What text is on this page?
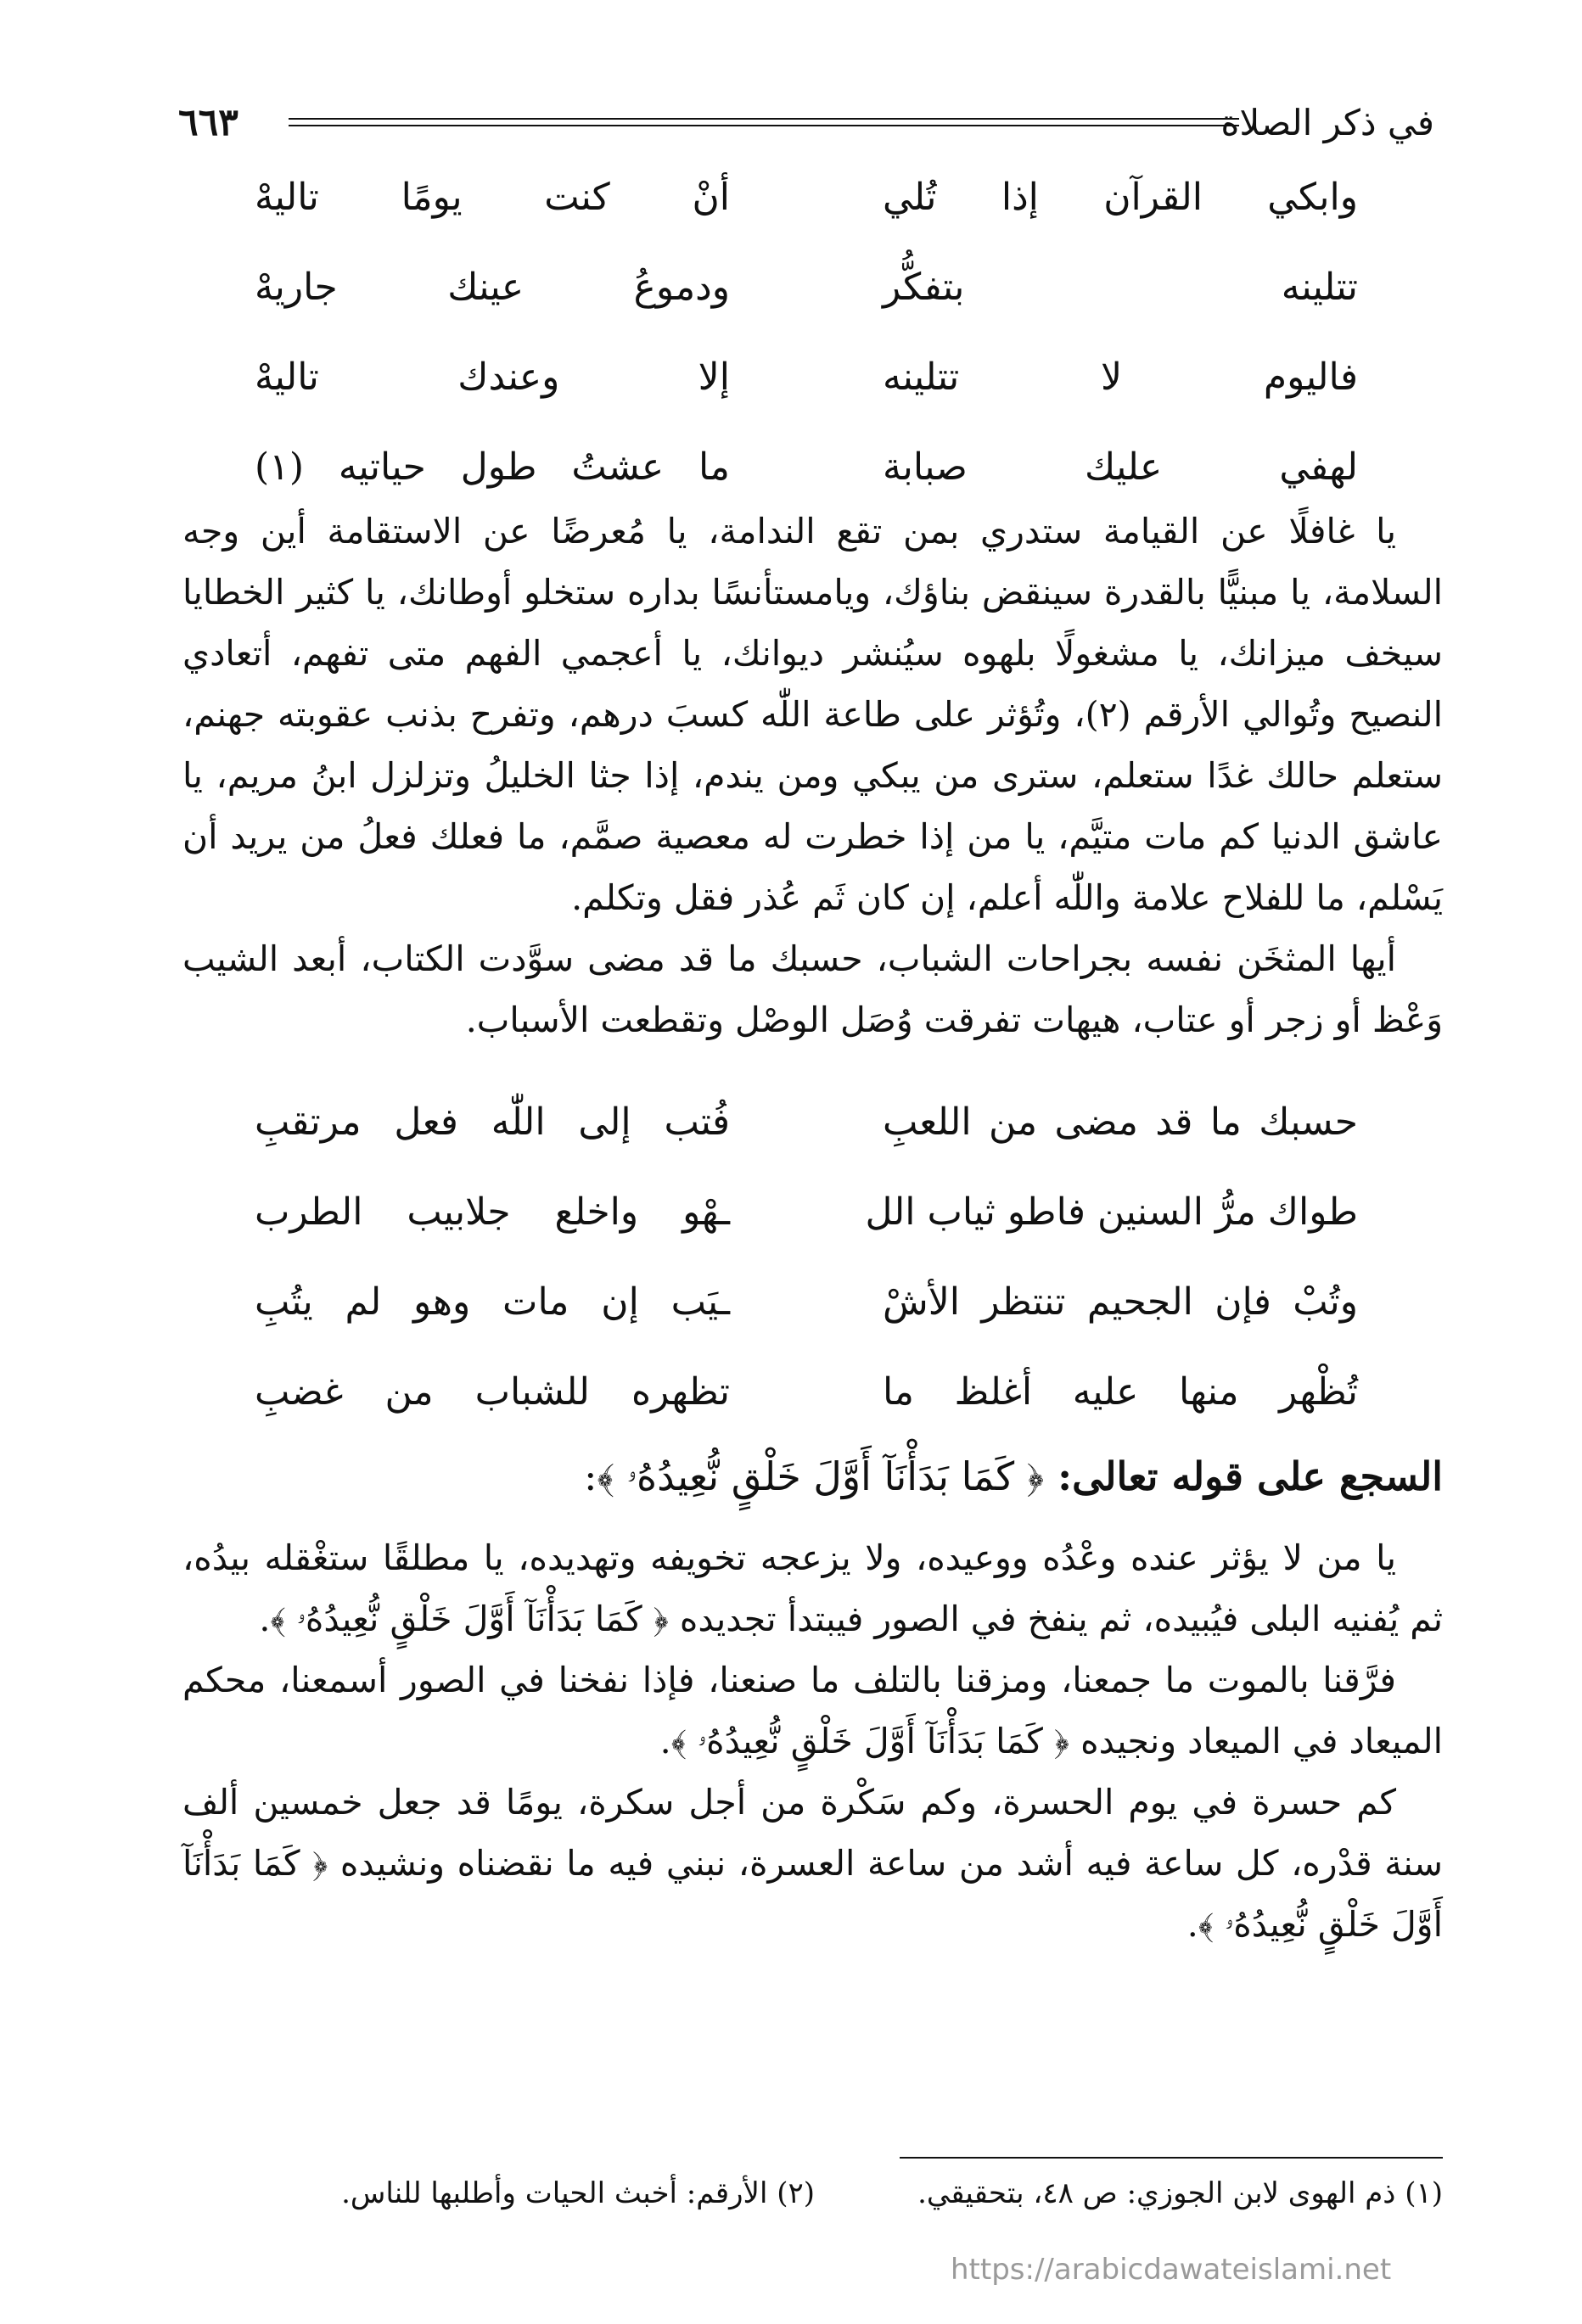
في ذكر الصلاة
٦٦٣
وابكي القرآن إذا تُلي
أنْ كنت يومًا تاليهْ
تتلينه بتفكُّر
ودموعُ عينك جاريهْ
فاليوم لا تتلينه
إلا وعندك تاليهْ
لهفي عليك صبابة
ما عشتُ طول حياتيه (١)

يا غافلًا عن القيامة ستدري بمن تقع الندامة، يا مُعرضًا عن الاستقامة أين وجه السلامة، يا مبنيًّا بالقدرة سينقض بناؤك، ويامستأنسًا بداره ستخلو أوطانك، يا كثير الخطايا سيخف ميزانك، يا مشغولًا بلهوه سيُنشر ديوانك، يا أعجمي الفهم متى تفهم، أتعادي النصيح وتُوالي الأرقم (٢)، وتُؤثر على طاعة اللّٰه كسبَ درهم، وتفرح بذنب عقوبته جهنم، ستعلم حالك غدًا ستعلم، سترى من يبكي ومن يندم، إذا جثا الخليلُ وتزلزل ابنُ مريم، يا عاشق الدنيا كم مات متيَّم، يا من إذا خطرت له معصية صمَّم، ما فعلك فعلُ من يريد أن يَسْلم، ما للفلاح علامة واللّٰه أعلم، إن كان ثَم عُذر فقل وتكلم.

أيها المثخَن نفسه بجراحات الشباب، حسبك ما قد مضى سوَّدت الكتاب، أبعد الشيب وَعْظ أو زجر أو عتاب، هيهات تفرقت وُصَل الوصْل وتقطعت الأسباب.

حسبك ما قد مضى من اللعبِ
فُتب إلى اللّٰه فعل مرتقبِ
طواك مرُّ السنين فاطو ثياب الل
ـهْو واخلع جلابيب الطرب
وتُبْ فإن الجحيم تنتظر الأشْ
ـيَب إن مات وهو لم يتُبِ
تُظْهر منها عليه أغلظ ما
تظهره للشباب من غضبِ
السجع على قوله تعالى: ﴿ كَمَا بَدَأْنَآ أَوَّلَ خَلْقٍ نُّعِيدُهُۥ ﴾:

يا من لا يؤثر عنده وعْدُه ووعيده، ولا يزعجه تخويفه وتهديده، يا مطلقًا ستغْقله بيدُه، ثم يُفنيه البلى فيُبيده، ثم ينفخ في الصور فيبتدأ تجديده ﴿ كَمَا بَدَأْنَآ أَوَّلَ خَلْقٍ نُّعِيدُهُۥ ﴾.

فرَّقنا بالموت ما جمعنا، ومزقنا بالتلف ما صنعنا، فإذا نفخنا في الصور أسمعنا، محكم الميعاد في الميعاد ونجيده ﴿ كَمَا بَدَأْنَآ أَوَّلَ خَلْقٍ نُّعِيدُهُۥ ﴾.

كم حسرة في يوم الحسرة، وكم سَكْرة من أجل سكرة، يومًا قد جعل خمسين ألف سنة قدْره، كل ساعة فيه أشد من ساعة العسرة، نبني فيه ما نقضناه ونشيده ﴿ كَمَا بَدَأْنَآ أَوَّلَ خَلْقٍ نُّعِيدُهُۥ ﴾.

(١) ذم الهوى لابن الجوزي: ص ٤٨، بتحقيقي.
(٢) الأرقم: أخبث الحيات وأطلبها للناس.
https://arabicdawateislami.net
